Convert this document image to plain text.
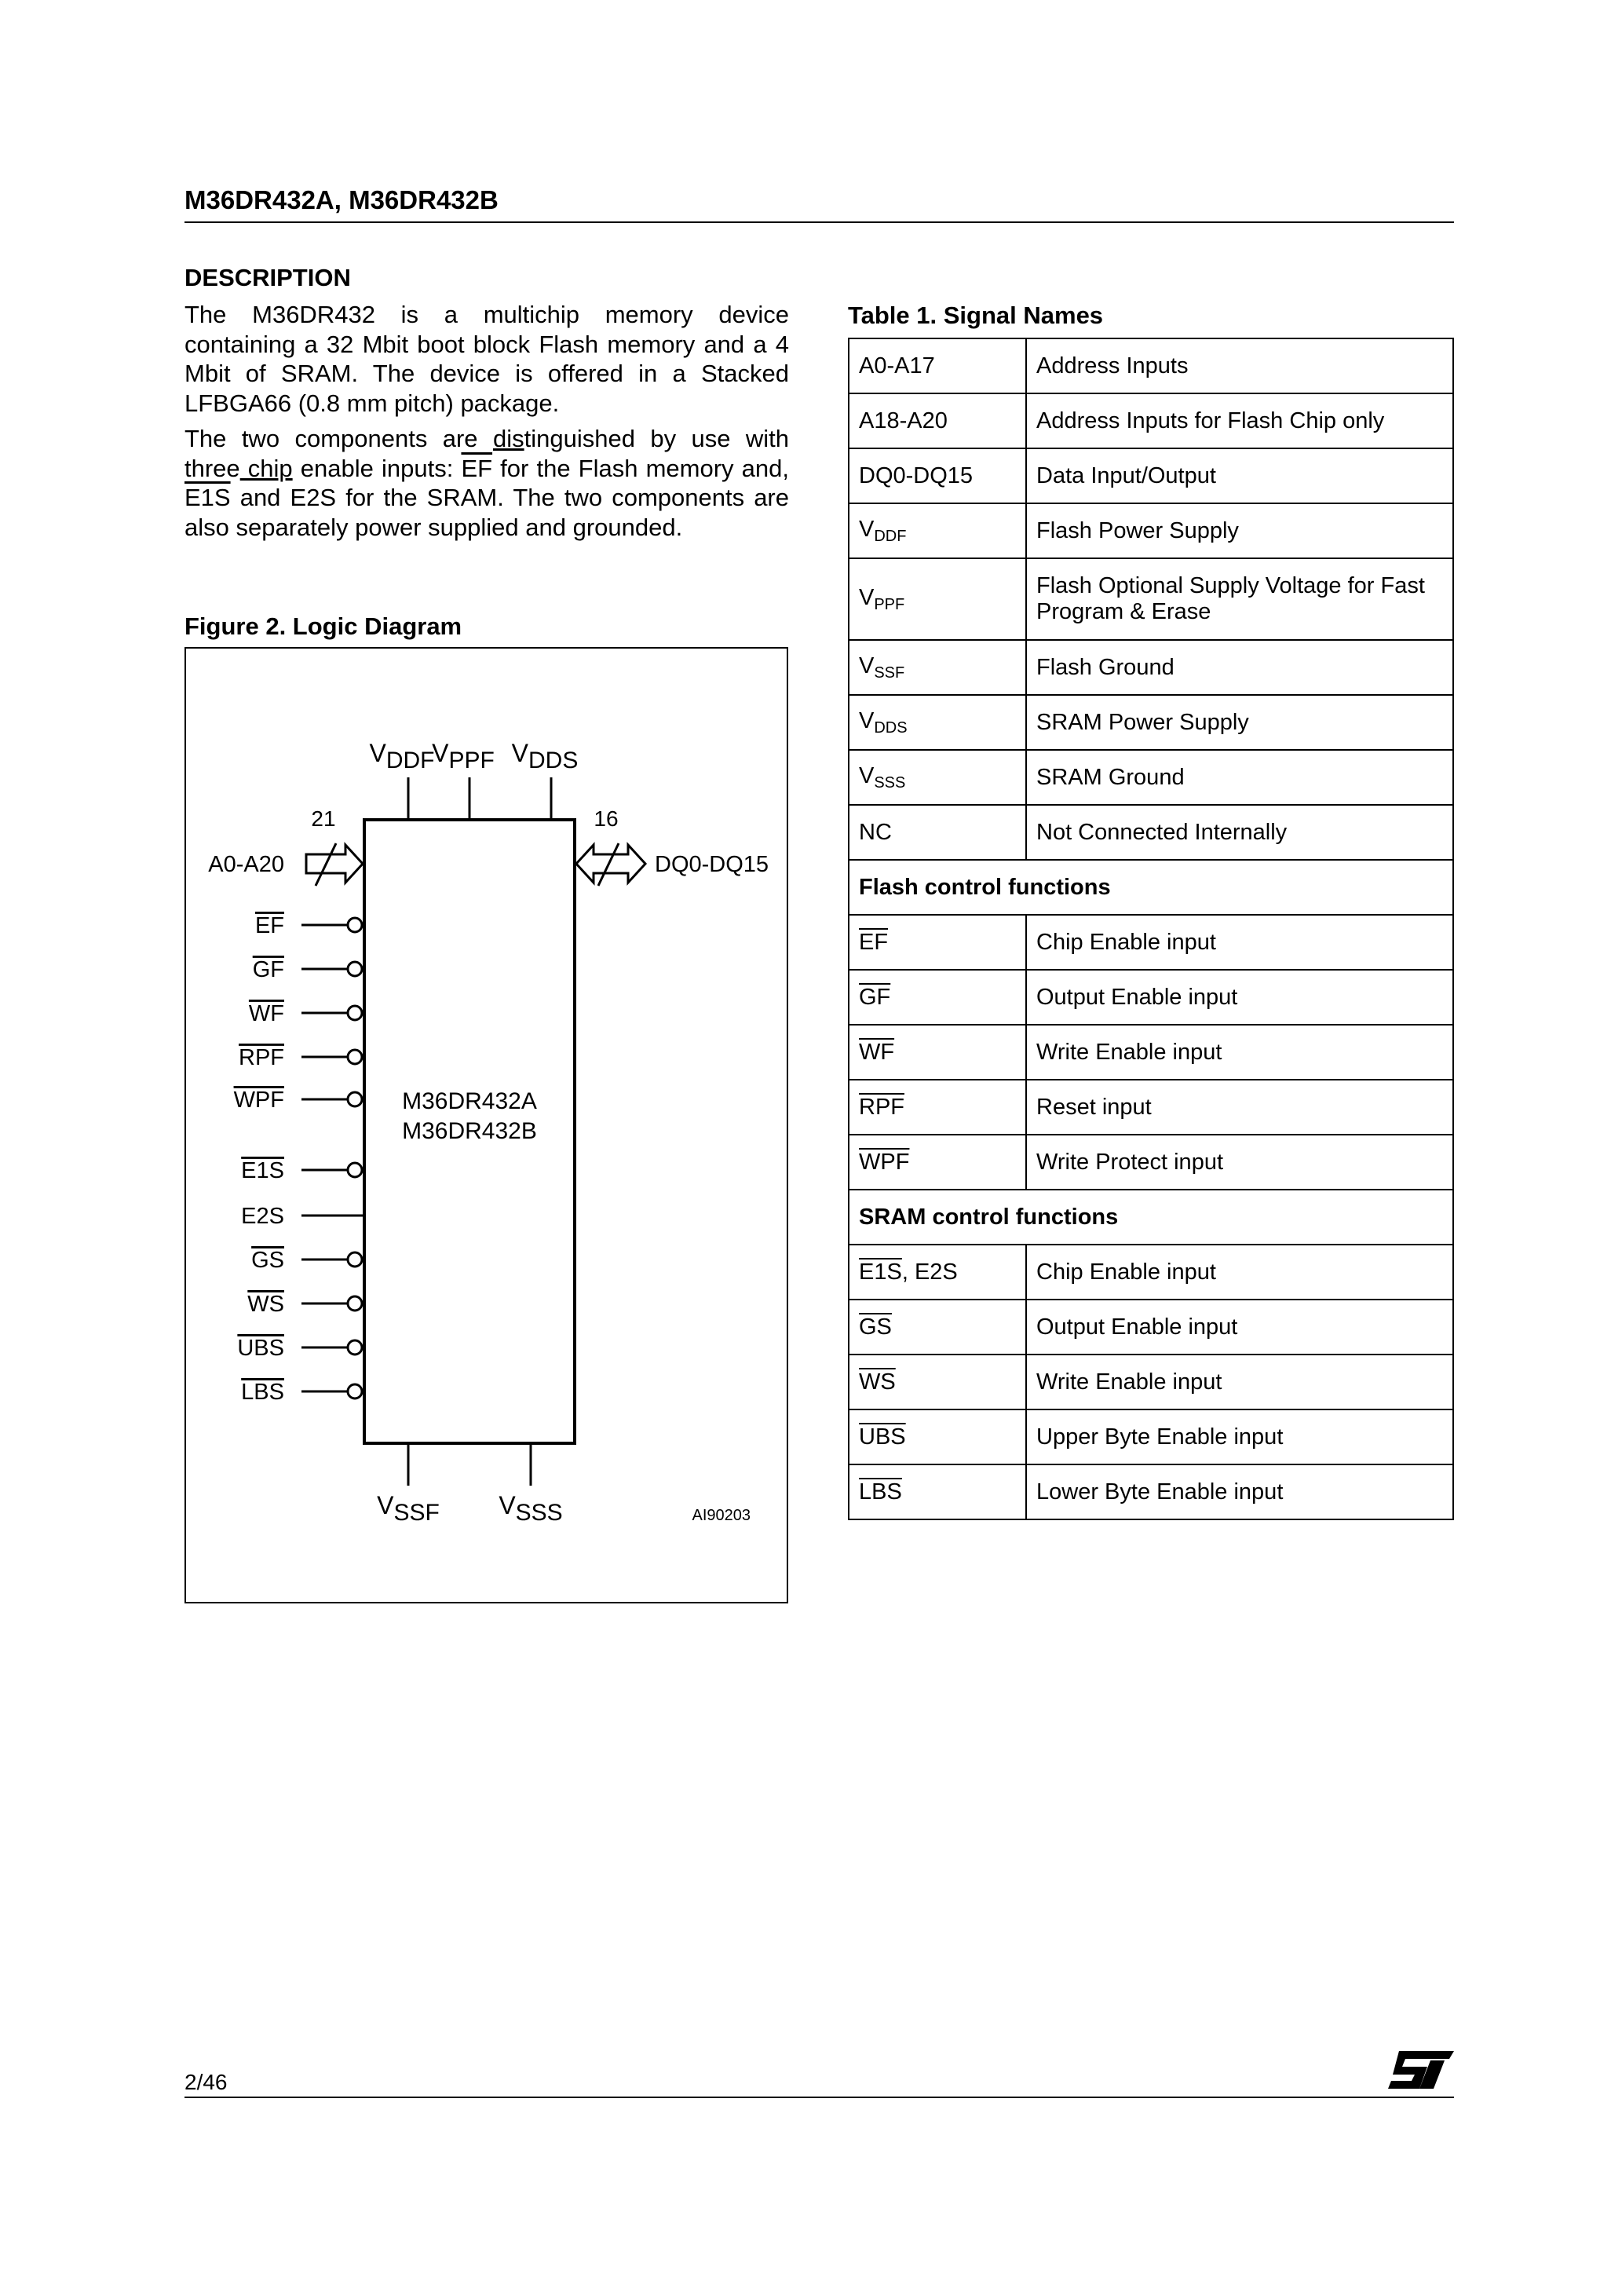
M36DR432A, M36DR432B
DESCRIPTION
The M36DR432 is a multichip memory device containing a 32 Mbit boot block Flash memory and a 4 Mbit of SRAM. The device is offered in a Stacked LFBGA66 (0.8 mm pitch) package.
The two components are distinguished by use with three chip enable inputs: $\overline{EF}$ for the Flash memory and, E1S and E2S for the SRAM. The two components are also separately power supplied and grounded.
Figure 2. Logic Diagram
M36DR432A
M36DR432B
VDDF
VPPF VDDS
VSSF VSSS
21
A0-A20
16
DQ0-DQ15
EF
GF
WF
RPF
WPF
E1S
E2S
GS
WS
UBS
LBS
AI90203
Table 1. Signal Names
A0-A17	Address Inputs
A18-A20	Address Inputs for Flash Chip only
DQ0-DQ15	Data Input/Output
$V_{DDF}$	Flash Power Supply
$V_{PPF}$	Flash Optional Supply Voltage for Fast Program & Erase
$V_{SSF}$	Flash Ground
$V_{DDS}$	SRAM Power Supply
$V_{SSS}$	SRAM Ground
NC	Not Connected Internally
Flash control functions	
$\overline{EF}$	Chip Enable input
$\overline{GF}$	Output Enable input
$\overline{WF}$	Write Enable input
$\overline{RPF}$	Reset input
$\overline{WPF}$	Write Protect input
SRAM control functions	
E1S, E2S	Chip Enable input
$\overline{GS}$	Output Enable input
$\overline{WS}$	Write Enable input
$\overline{UBS}$	Upper Byte Enable input
$\overline{LBS}$	Lower Byte Enable input
2/46
